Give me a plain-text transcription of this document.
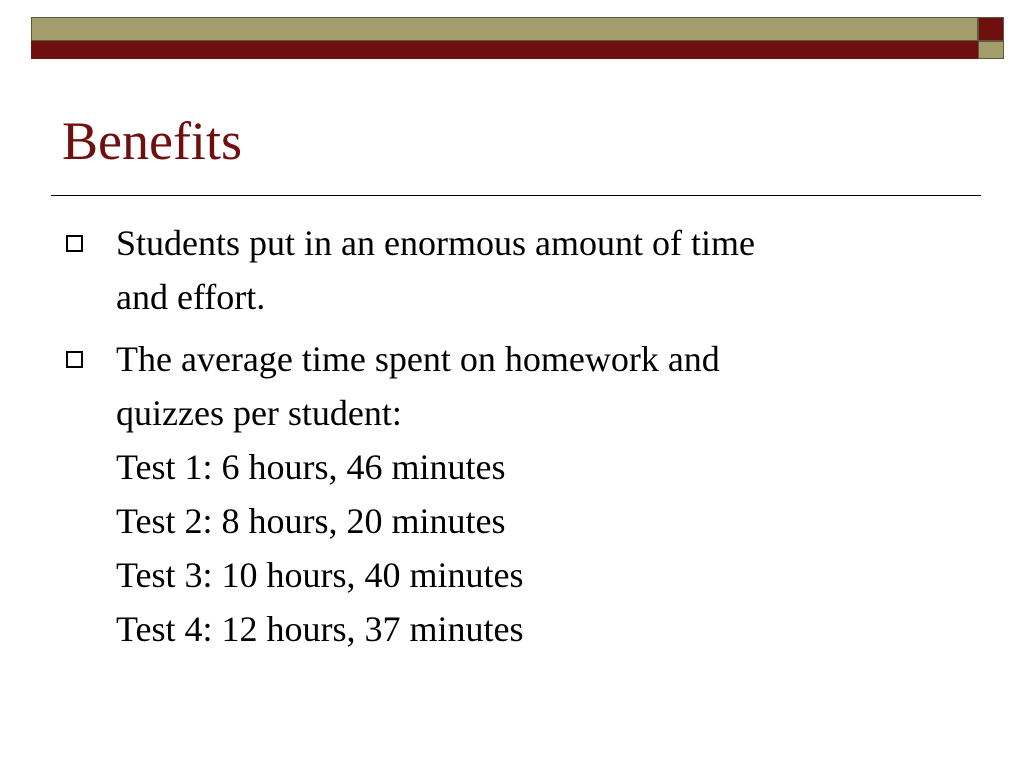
Benefits
Students put in an enormous amount of time
and effort.
The average time spent on homework and
quizzes per student:
Test 1: 6 hours, 46 minutes
Test 2: 8 hours, 20 minutes
Test 3: 10 hours, 40 minutes
Test 4: 12 hours, 37 minutes
